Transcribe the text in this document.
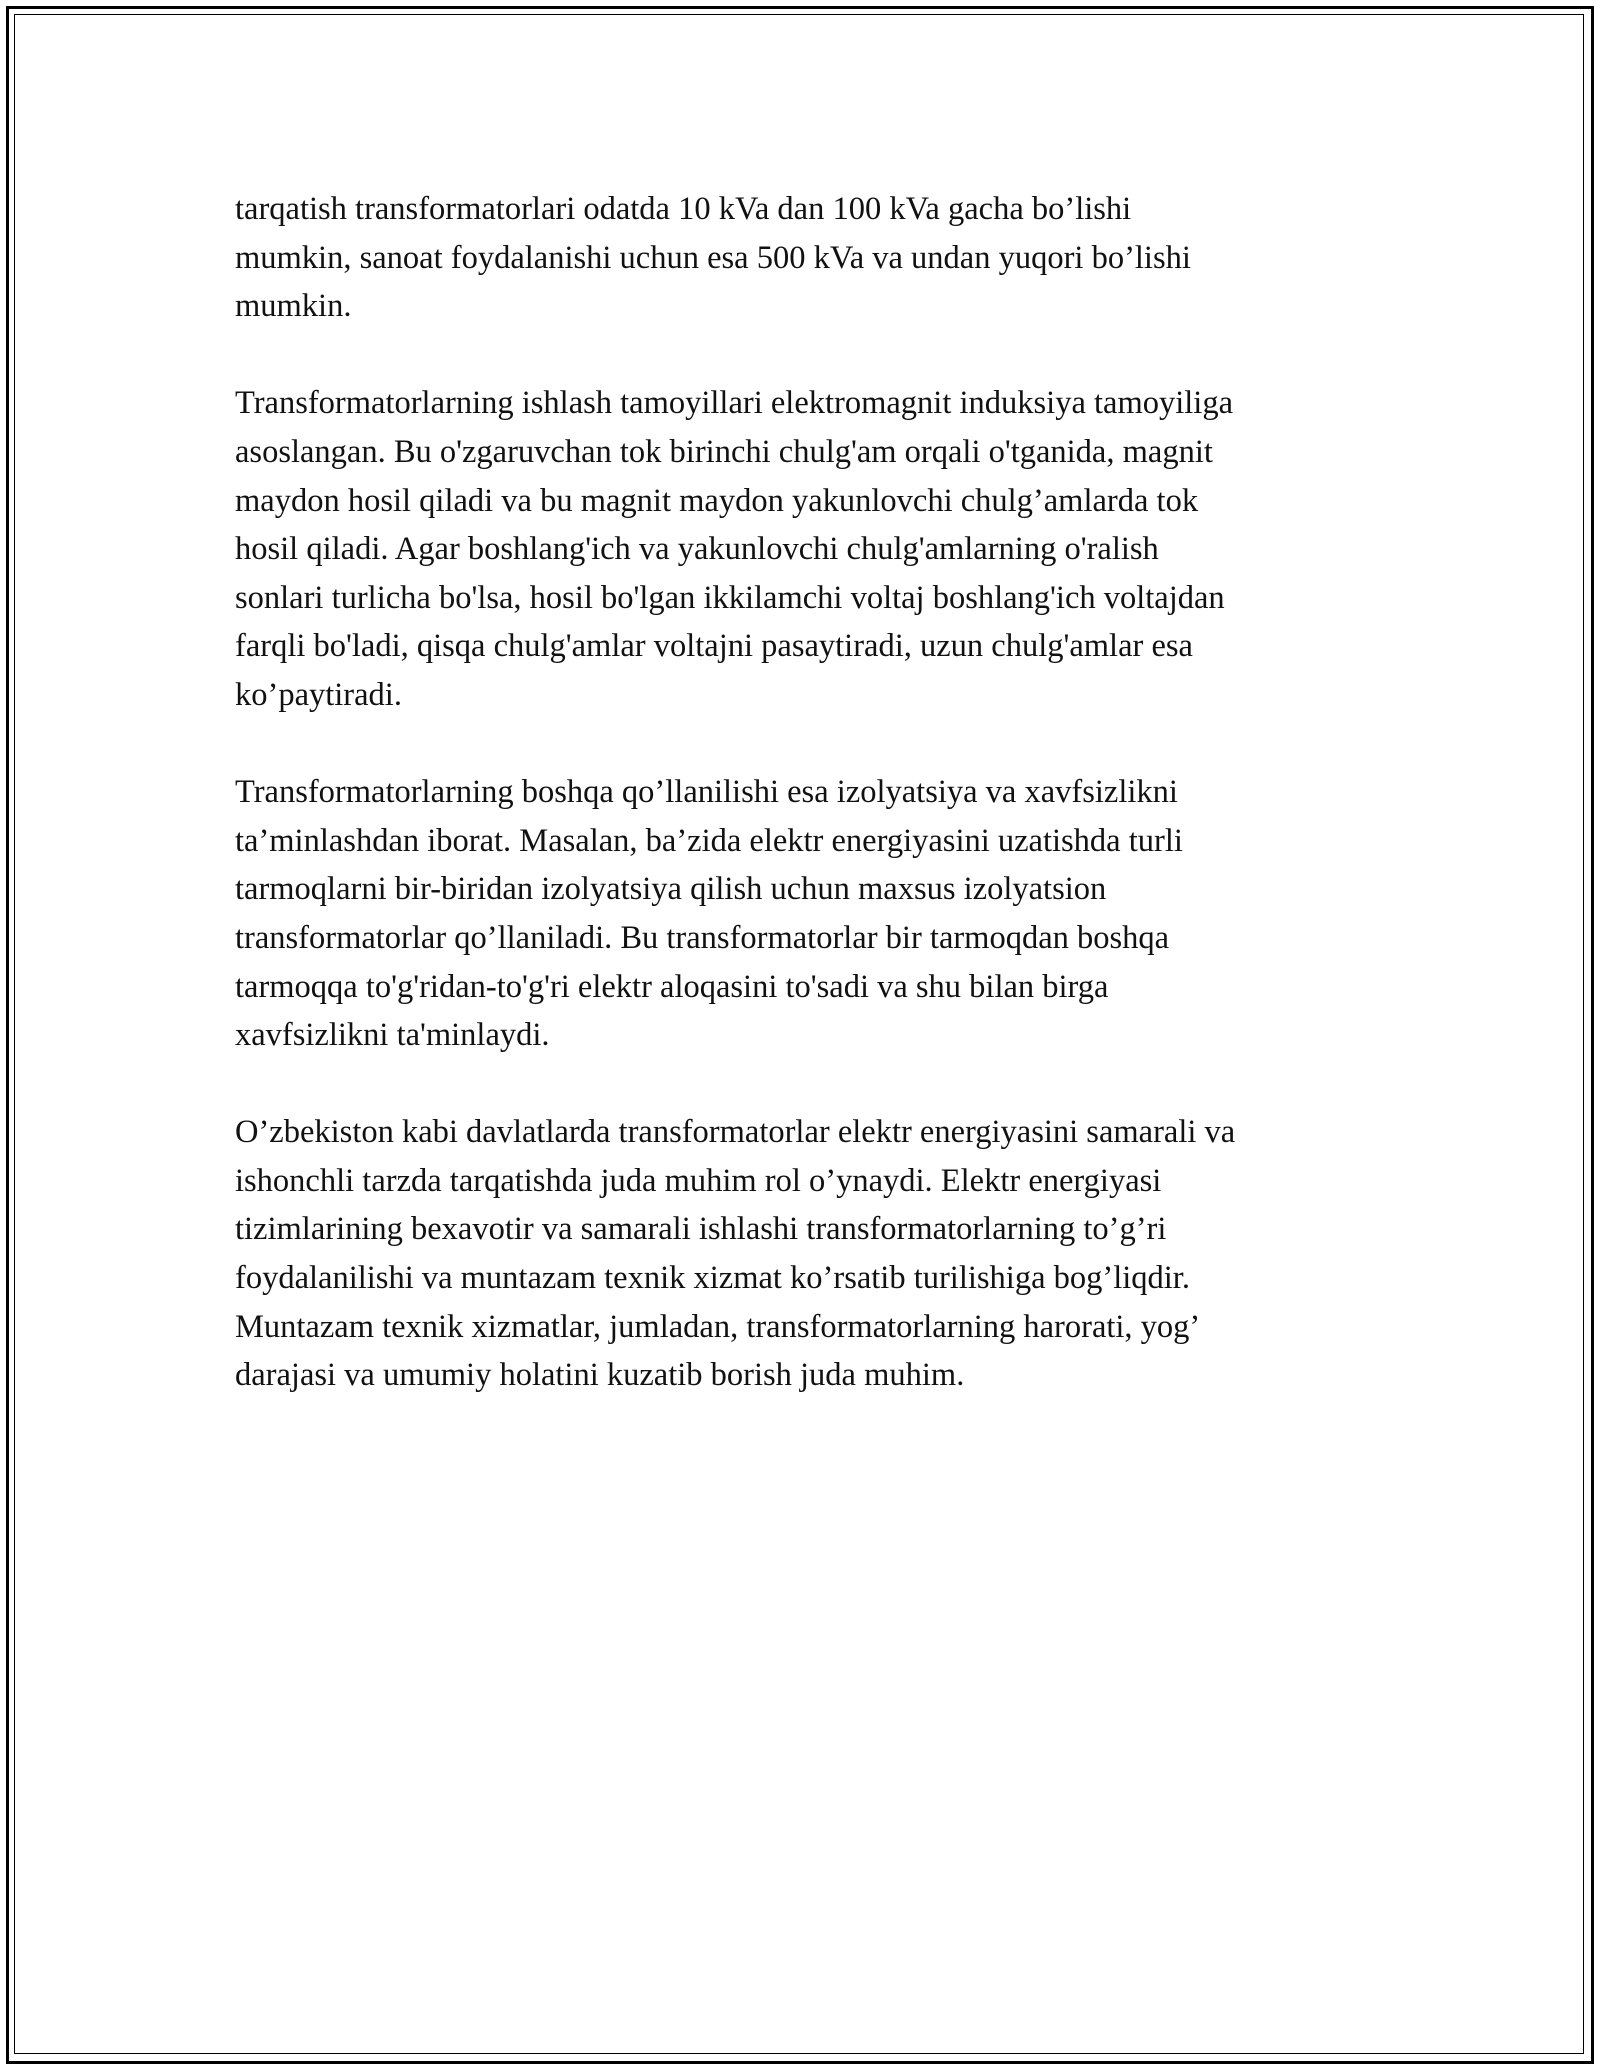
tarqatish transformatorlari odatda 10 kVa dan 100 kVa gacha bo’lishi
mumkin, sanoat foydalanishi uchun esa 500 kVa va undan yuqori bo’lishi
mumkin.
Transformatorlarning ishlash tamoyillari elektromagnit induksiya tamoyiliga
asoslangan. Bu o'zgaruvchan tok birinchi chulg'am orqali o'tganida, magnit
maydon hosil qiladi va bu magnit maydon yakunlovchi chulg’amlarda tok
hosil qiladi. Agar boshlang'ich va yakunlovchi chulg'amlarning o'ralish
sonlari turlicha bo'lsa, hosil bo'lgan ikkilamchi voltaj boshlang'ich voltajdan
farqli bo'ladi, qisqa chulg'amlar voltajni pasaytiradi, uzun chulg'amlar esa
ko’paytiradi.
Transformatorlarning boshqa qo’llanilishi esa izolyatsiya va xavfsizlikni
ta’minlashdan iborat. Masalan, ba’zida elektr energiyasini uzatishda turli
tarmoqlarni bir-biridan izolyatsiya qilish uchun maxsus izolyatsion
transformatorlar qo’llaniladi. Bu transformatorlar bir tarmoqdan boshqa
tarmoqqa to'g'ridan-to'g'ri elektr aloqasini to'sadi va shu bilan birga
xavfsizlikni ta'minlaydi.
O’zbekiston kabi davlatlarda transformatorlar elektr energiyasini samarali va
ishonchli tarzda tarqatishda juda muhim rol o’ynaydi. Elektr energiyasi
tizimlarining bexavotir va samarali ishlashi transformatorlarning to’g’ri
foydalanilishi va muntazam texnik xizmat ko’rsatib turilishiga bog’liqdir.
Muntazam texnik xizmatlar, jumladan, transformatorlarning harorati, yog’
darajasi va umumiy holatini kuzatib borish juda muhim.
